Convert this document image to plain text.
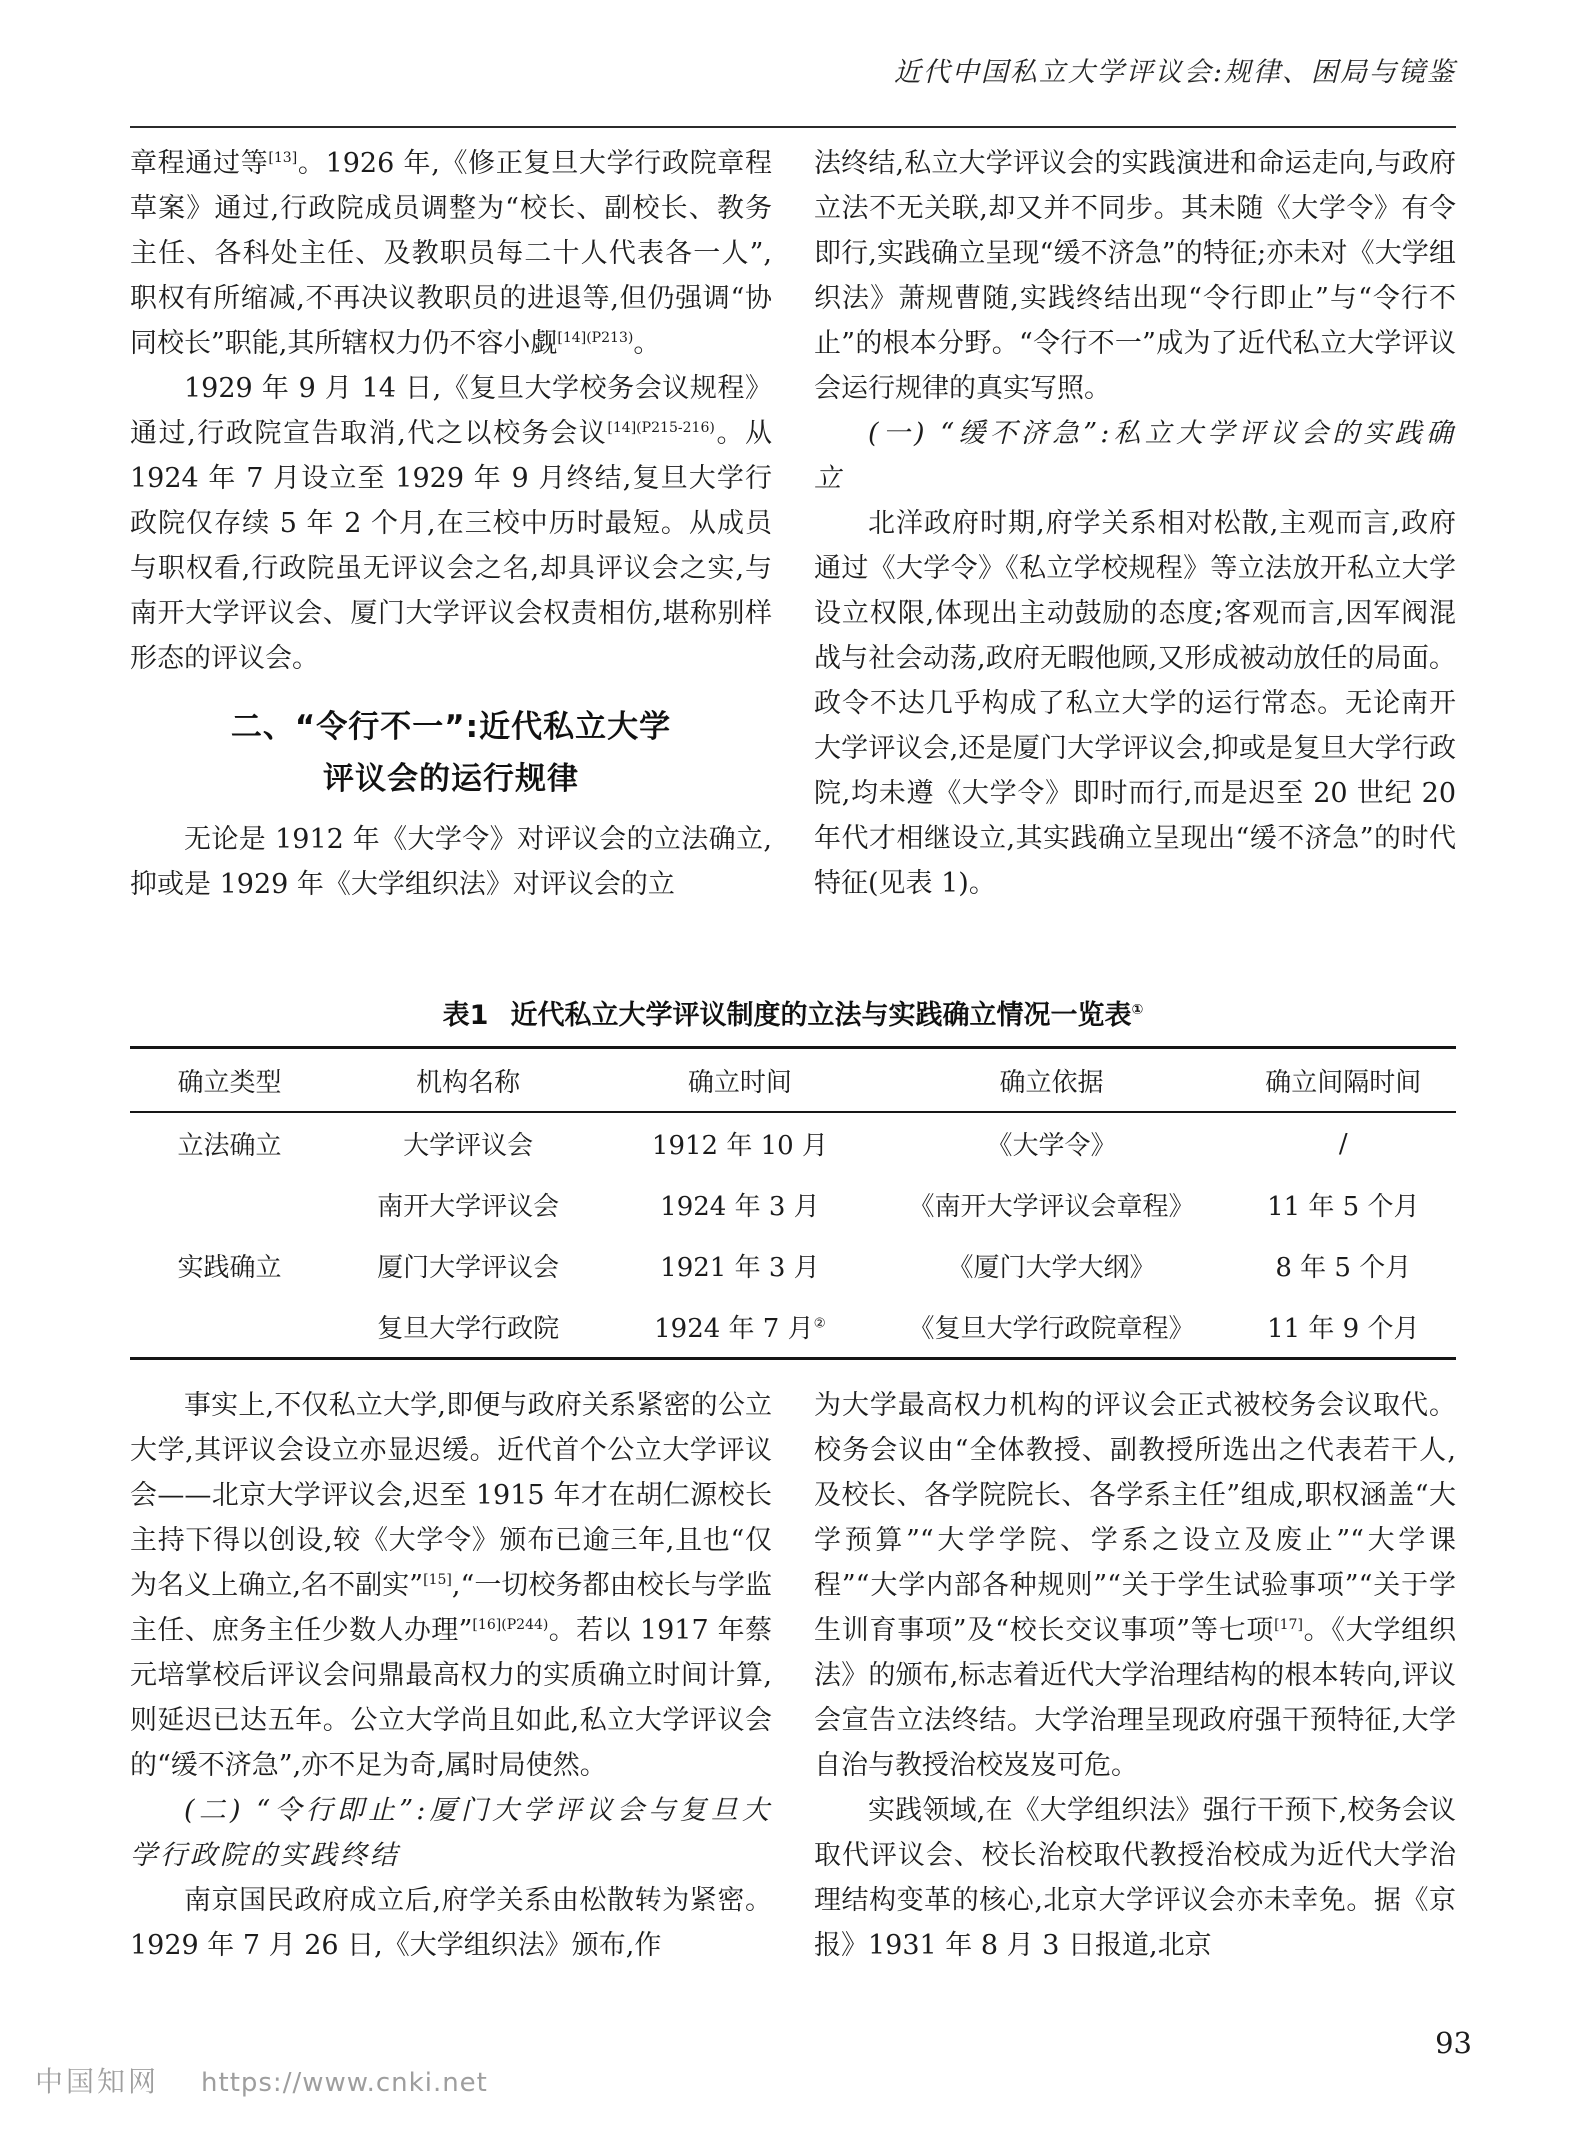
近代中国私立大学评议会:规律、困局与镜鉴

章程通过等[13]。1926 年,《修正复旦大学行政院章程草案》通过,行政院成员调整为“校长、副校长、教务主任、各科处主任、及教职员每二十人代表各一人”,职权有所缩减,不再决议教职员的进退等,但仍强调“协同校长”职能,其所辖权力仍不容小觑$^{[14](P213)}$。

1929 年 9 月 14 日,《复旦大学校务会议规程》通过,行政院宣告取消,代之以校务会议$^{[14](P215-216)}$。从 1924 年 7 月设立至 1929 年 9 月终结,复旦大学行政院仅存续 5 年 2 个月,在三校中历时最短。从成员与职权看,行政院虽无评议会之名,却具评议会之实,与南开大学评议会、厦门大学评议会权责相仿,堪称别样形态的评议会。

二、“令行不一”:近代私立大学
评议会的运行规律

无论是 1912 年《大学令》对评议会的立法确立,抑或是 1929 年《大学组织法》对评议会的立

法终结,私立大学评议会的实践演进和命运走向,与政府立法不无关联,却又并不同步。其未随《大学令》有令即行,实践确立呈现“缓不济急”的特征;亦未对《大学组织法》萧规曹随,实践终结出现“令行即止”与“令行不止”的根本分野。“令行不一”成为了近代私立大学评议会运行规律的真实写照。

(一) “缓不济急”:私立大学评议会的实践确立

北洋政府时期,府学关系相对松散,主观而言,政府通过《大学令》《私立学校规程》等立法放开私立大学设立权限,体现出主动鼓励的态度;客观而言,因军阀混战与社会动荡,政府无暇他顾,又形成被动放任的局面。政令不达几乎构成了私立大学的运行常态。无论南开大学评议会,还是厦门大学评议会,抑或是复旦大学行政院,均未遵《大学令》即时而行,而是迟至 20 世纪 20 年代才相继设立,其实践确立呈现出“缓不济急”的时代特征(见表 1)。

表1 近代私立大学评议制度的立法与实践确立情况一览表①
确立类型	机构名称	确立时间	确立依据	确立间隔时间
立法确立	大学评议会	1912 年 10 月	《大学令》	/
实践确立	南开大学评议会	1924 年 3 月	《南开大学评议会章程》	11 年 5 个月
	厦门大学评议会	1921 年 3 月	《厦门大学大纲》	8 年 5 个月
	复旦大学行政院	1924 年 7 月②	《复旦大学行政院章程》	11 年 9 个月

事实上,不仅私立大学,即便与政府关系紧密的公立大学,其评议会设立亦显迟缓。近代首个公立大学评议会——北京大学评议会,迟至 1915 年才在胡仁源校长主持下得以创设,较《大学令》颁布已逾三年,且也“仅为名义上确立,名不副实”[15],“一切校务都由校长与学监主任、庶务主任少数人办理”$^{[16](P244)}$。若以 1917 年蔡元培掌校后评议会问鼎最高权力的实质确立时间计算,则延迟已达五年。公立大学尚且如此,私立大学评议会的“缓不济急”,亦不足为奇,属时局使然。

(二) “令行即止”:厦门大学评议会与复旦大学行政院的实践终结

南京国民政府成立后,府学关系由松散转为紧密。1929 年 7 月 26 日,《大学组织法》颁布,作

为大学最高权力机构的评议会正式被校务会议取代。校务会议由“全体教授、副教授所选出之代表若干人,及校长、各学院院长、各学系主任”组成,职权涵盖“大学预算”“大学学院、学系之设立及废止”“大学课程”“大学内部各种规则”“关于学生试验事项”“关于学生训育事项”及“校长交议事项”等七项[17]。《大学组织法》的颁布,标志着近代大学治理结构的根本转向,评议会宣告立法终结。大学治理呈现政府强干预特征,大学自治与教授治校岌岌可危。

实践领域,在《大学组织法》强行干预下,校务会议取代评议会、校长治校取代教授治校成为近代大学治理结构变革的核心,北京大学评议会亦未幸免。据《京报》1931 年 8 月 3 日报道,北京

中国知网 https://www.cnki.net
93
